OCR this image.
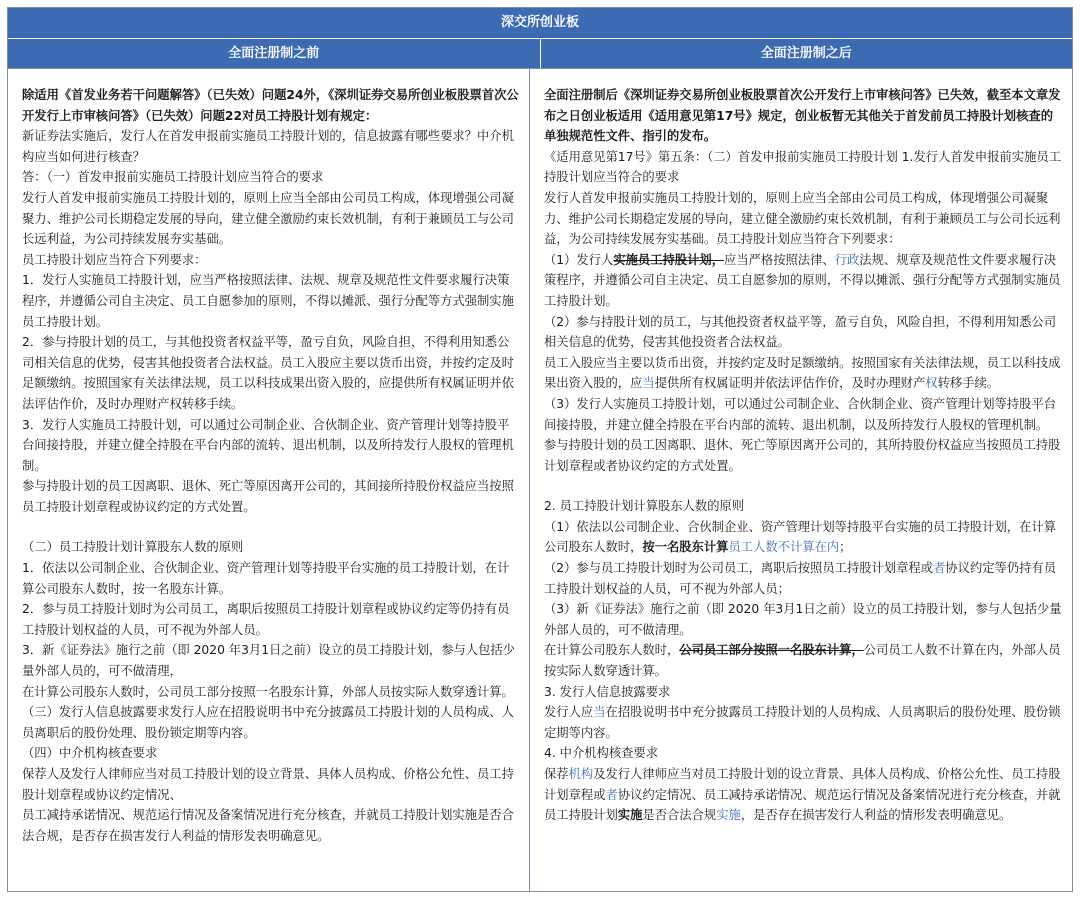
深交所创业板
全面注册制之前	全面注册制之后

除适用《首发业务若干问题解答》（已失效）问题24外，《深圳证券交易所创业板股票首次公开发行上市审核问答》（已失效）问题22对员工持股计划有规定：

新证券法实施后，发行人在首发申报前实施员工持股计划的，信息披露有哪些要求？中介机构应当如何进行核查？

答：（一）首发申报前实施员工持股计划应当符合的要求

发行人首发申报前实施员工持股计划的，原则上应当全部由公司员工构成，体现增强公司凝聚力、维护公司长期稳定发展的导向，建立健全激励约束长效机制，有利于兼顾员工与公司长远利益，为公司持续发展夯实基础。

员工持股计划应当符合下列要求：

1．发行人实施员工持股计划，应当严格按照法律、法规、规章及规范性文件要求履行决策程序，并遵循公司自主决定、员工自愿参加的原则，不得以摊派、强行分配等方式强制实施员工持股计划。

2．参与持股计划的员工，与其他投资者权益平等，盈亏自负，风险自担，不得利用知悉公司相关信息的优势，侵害其他投资者合法权益。员工入股应主要以货币出资，并按约定及时足额缴纳。按照国家有关法律法规，员工以科技成果出资入股的，应提供所有权属证明并依法评估作价，及时办理财产权转移手续。

3．发行人实施员工持股计划，可以通过公司制企业、合伙制企业、资产管理计划等持股平台间接持股，并建立健全持股在平台内部的流转、退出机制，以及所持发行人股权的管理机制。

参与持股计划的员工因离职、退休、死亡等原因离开公司的，其间接所持股份权益应当按照员工持股计划章程或协议约定的方式处置。

（二）员工持股计划计算股东人数的原则

1．依法以公司制企业、合伙制企业、资产管理计划等持股平台实施的员工持股计划，在计算公司股东人数时，按一名股东计算。

2．参与员工持股计划时为公司员工，离职后按照员工持股计划章程或协议约定等仍持有员工持股计划权益的人员，可不视为外部人员。

3．新《证券法》施行之前（即 2020 年3月1日之前）设立的员工持股计划，参与人包括少量外部人员的，可不做清理，

在计算公司股东人数时，公司员工部分按照一名股东计算，外部人员按实际人数穿透计算。

（三）发行人信息披露要求发行人应在招股说明书中充分披露员工持股计划的人员构成、人员离职后的股份处理、股份锁定期等内容。

（四）中介机构核查要求

保荐人及发行人律师应当对员工持股计划的设立背景、具体人员构成、价格公允性、员工持股计划章程或协议约定情况、

员工减持承诺情况、规范运行情况及备案情况进行充分核查，并就员工持股计划实施是否合法合规，是否存在损害发行人利益的情形发表明确意见。

全面注册制后《深圳证券交易所创业板股票首次公开发行上市审核问答》已失效，截至本文章发布之日创业板适用《适用意见第17号》规定，创业板暂无其他关于首发前员工持股计划核查的单独规范性文件、指引的发布。

《适用意见第17号》第五条：（二）首发申报前实施员工持股计划 1.发行人首发申报前实施员工持股计划应当符合的要求

发行人首发申报前实施员工持股计划的，原则上应当全部由公司员工构成，体现增强公司凝聚力、维护公司长期稳定发展的导向，建立健全激励约束长效机制，有利于兼顾员工与公司长远利益，为公司持续发展夯实基础。员工持股计划应当符合下列要求：

（1）发行人实施员工持股计划，应当严格按照法律、行政法规、规章及规范性文件要求履行决策程序，并遵循公司自主决定、员工自愿参加的原则，不得以摊派、强行分配等方式强制实施员工持股计划。

（2）参与持股计划的员工，与其他投资者权益平等，盈亏自负，风险自担，不得利用知悉公司相关信息的优势，侵害其他投资者合法权益。

员工入股应当主要以货币出资，并按约定及时足额缴纳。按照国家有关法律法规，员工以科技成果出资入股的，应当提供所有权属证明并依法评估作价，及时办理财产权转移手续。

（3）发行人实施员工持股计划，可以通过公司制企业、合伙制企业、资产管理计划等持股平台间接持股，并建立健全持股在平台内部的流转、退出机制，以及所持发行人股权的管理机制。

参与持股计划的员工因离职、退休、死亡等原因离开公司的，其所持股份权益应当按照员工持股计划章程或者协议约定的方式处置。

2. 员工持股计划计算股东人数的原则

（1）依法以公司制企业、合伙制企业、资产管理计划等持股平台实施的员工持股计划，在计算公司股东人数时，按一名股东计算员工人数不计算在内；

（2）参与员工持股计划时为公司员工，离职后按照员工持股计划章程或者协议约定等仍持有员工持股计划权益的人员，可不视为外部人员；

（3）新《证券法》施行之前（即 2020 年3月1日之前）设立的员工持股计划，参与人包括少量外部人员的，可不做清理。

在计算公司股东人数时，公司员工部分按照一名股东计算，公司员工人数不计算在内，外部人员按实际人数穿透计算。

3. 发行人信息披露要求

发行人应当在招股说明书中充分披露员工持股计划的人员构成、人员离职后的股份处理、股份锁定期等内容。

4. 中介机构核查要求

保荐机构及发行人律师应当对员工持股计划的设立背景、具体人员构成、价格公允性、员工持股计划章程或者协议约定情况、员工减持承诺情况、规范运行情况及备案情况进行充分核查，并就员工持股计划实施是否合法合规实施，是否存在损害发行人利益的情形发表明确意见。
